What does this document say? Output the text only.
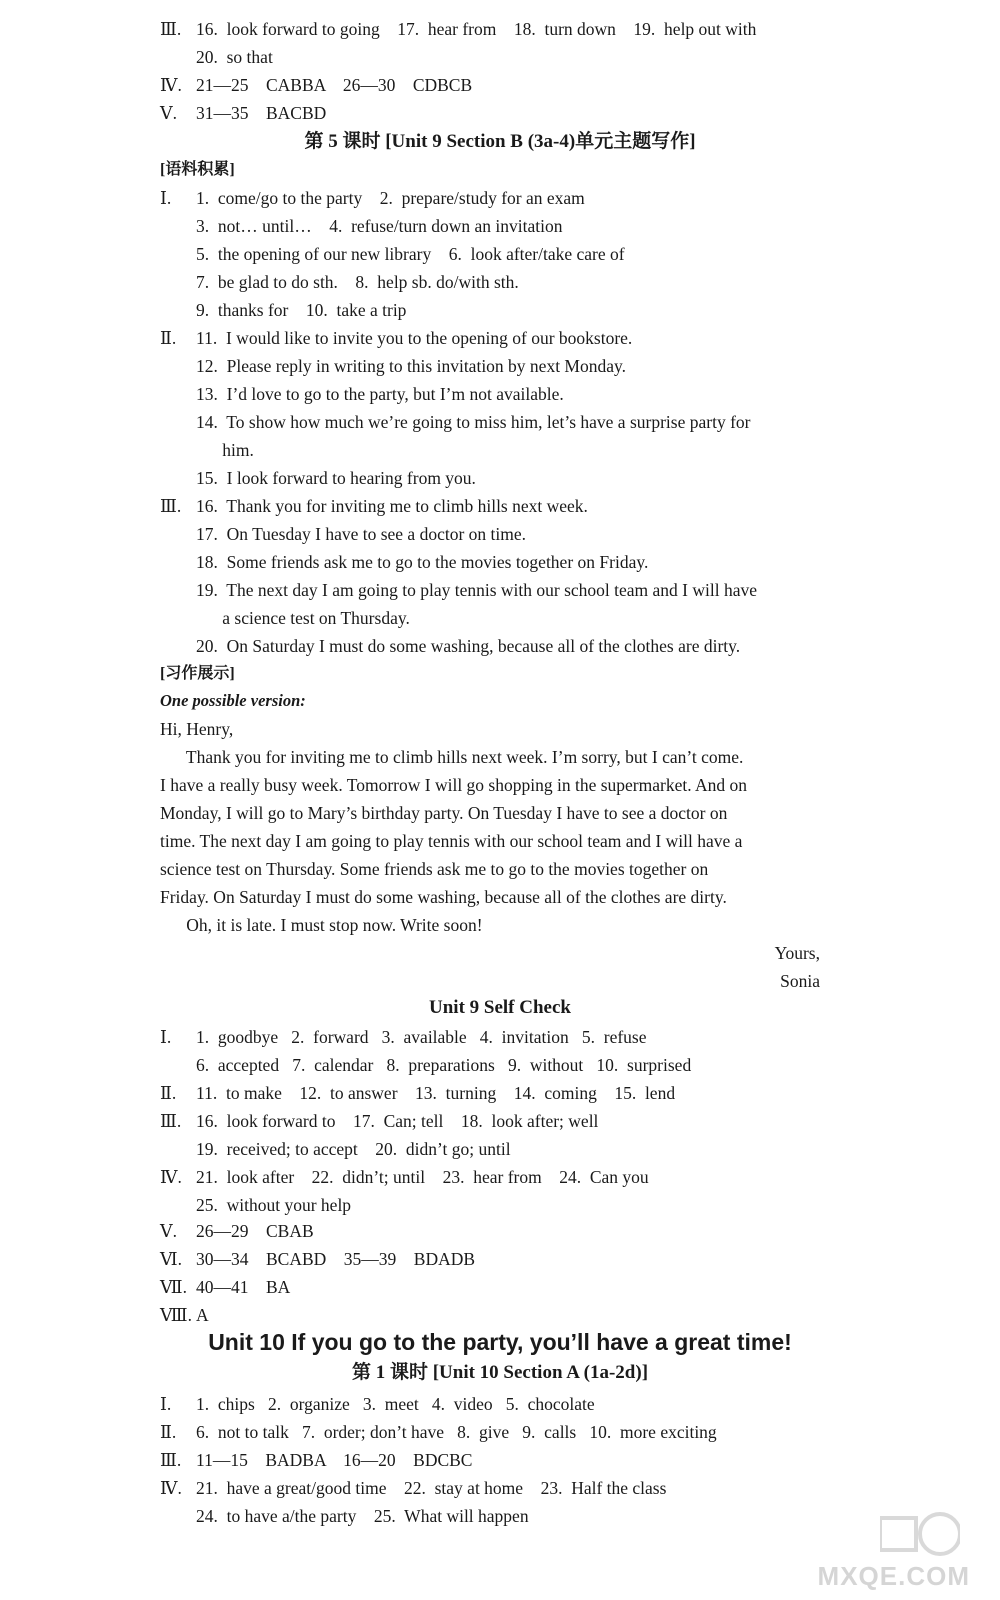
Ⅲ. 16.  look forward to going    17.  hear from    18.  turn down    19.  help out with
20.  so that
Ⅳ. 21—25    CABBA    26—30    CDBCB
Ⅴ.	31—35    BACBD
第 5 课时 [Unit 9 Section B (3a-4)单元主题写作]
[语料积累]
Ⅰ.	1.  come/go to the party    2.  prepare/study for an exam
3.  not… until…    4.  refuse/turn down an invitation
5.  the opening of our new library    6.  look after/take care of
7.  be glad to do sth.    8.  help sb. do/with sth.
9.  thanks for    10.  take a trip
Ⅱ.	11.  I would like to invite you to the opening of our bookstore.
12.  Please reply in writing to this invitation by next Monday.
13.  I’d love to go to the party, but I’m not available.
14.  To show how much we’re going to miss him, let’s have a surprise party for
him.
15.  I look forward to hearing from you.
Ⅲ. 16.  Thank you for inviting me to climb hills next week.
17.  On Tuesday I have to see a doctor on time.
18.  Some friends ask me to go to the movies together on Friday.
19.  The next day I am going to play tennis with our school team and I will have
a science test on Thursday.
20.  On Saturday I must do some washing, because all of the clothes are dirty.
[习作展示]
One possible version:
Hi, Henry,
Thank you for inviting me to climb hills next week. I’m sorry, but I can’t come.
I have a really busy week. Tomorrow I will go shopping in the supermarket. And on
Monday, I will go to Mary’s birthday party. On Tuesday I have to see a doctor on
time. The next day I am going to play tennis with our school team and I will have a
science test on Thursday. Some friends ask me to go to the movies together on
Friday. On Saturday I must do some washing, because all of the clothes are dirty.
Oh, it is late. I must stop now. Write soon!
Yours,
Sonia
Unit 9 Self Check
Ⅰ.	1.  goodbye   2.  forward   3.  available   4.  invitation   5.  refuse
6.  accepted   7.  calendar   8.  preparations   9.  without   10.  surprised
Ⅱ.	11.  to make    12.  to answer    13.  turning    14.  coming    15.  lend
Ⅲ. 16.  look forward to    17.  Can; tell    18.  look after; well
19.  received; to accept    20.  didn’t go; until
Ⅳ. 21.  look after    22.  didn’t; until    23.  hear from    24.  Can you
25.  without your help
Ⅴ.	26—29    CBAB
Ⅵ. 30—34    BCABD    35—39    BDADB
Ⅶ. 40—41    BA
Ⅷ. A
Unit 10 If you go to the party, you’ll have a great time!
第 1 课时 [Unit 10 Section A (1a-2d)]
Ⅰ.	1.  chips   2.  organize   3.  meet   4.  video   5.  chocolate
Ⅱ.	6.  not to talk   7.  order; don’t have   8.  give   9.  calls   10.  more exciting
Ⅲ. 11—15    BADBA    16—20    BDCBC
Ⅳ. 21.  have a great/good time    22.  stay at home    23.  Half the class
24.  to have a/the party    25.  What will happen
MXQE.COM
